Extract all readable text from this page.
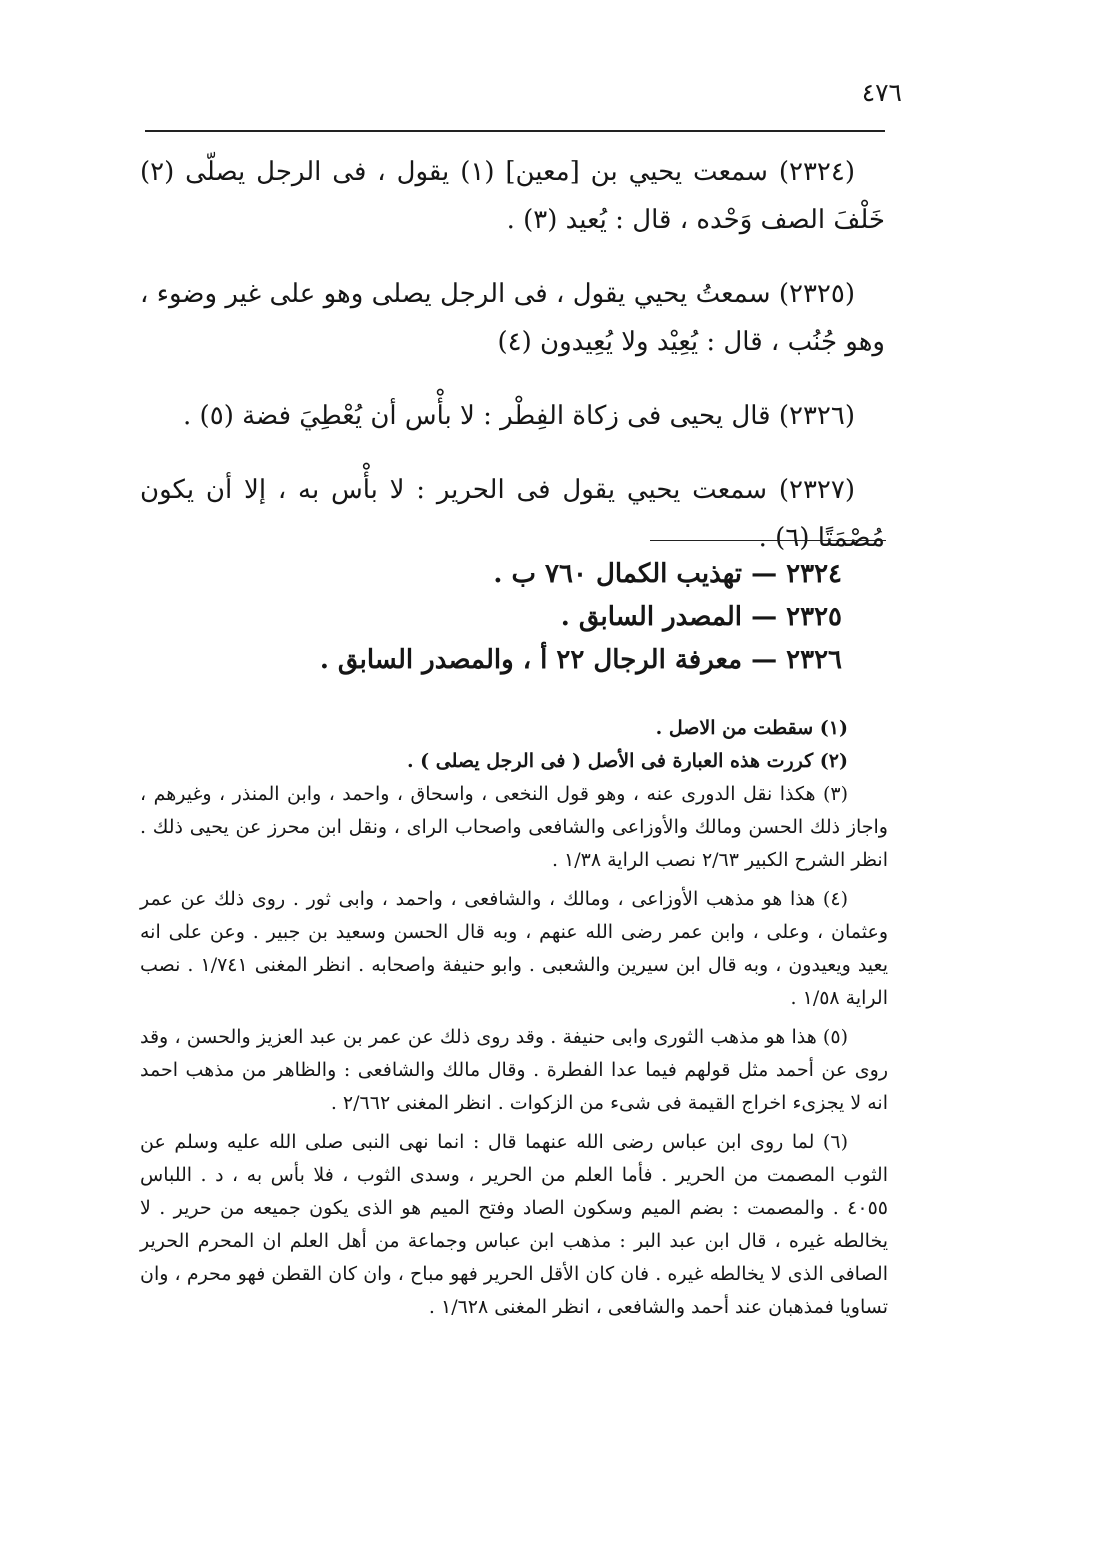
٤٧٦

(٢٣٢٤) سمعت يحيي بن [معين] (١) يقول ، فى الرجل يصلّى (٢) خَلْفَ الصف وَحْده ، قال : يُعيد (٣) .

(٢٣٢٥) سمعتُ يحيي يقول ، فى الرجل يصلى وهو على غير وضوء ، وهو جُنُب ، قال : يُعِيْد ولا يُعِيدون (٤)

(٢٣٢٦) قال يحيى فى زكاة الفِطْر : لا بأْس أن يُعْطِيَ فضة (٥) .

(٢٣٢٧) سمعت يحيي يقول فى الحرير : لا بأْس به ، إلا أن يكون مُصْمَتًا (٦) .

٢٣٢٤ — تهذيب الكمال ٧٦٠ ب .
٢٣٢٥ — المصدر السابق .
٢٣٢٦ — معرفة الرجال ٢٢ أ ، والمصدر السابق .

(١) سقطت من الاصل .

(٢) كررت هذه العبارة فى الأصل ( فى الرجل يصلى ) .

(٣) هكذا نقل الدورى عنه ، وهو قول النخعى ، واسحاق ، واحمد ، وابن المنذر ، وغيرهم ، واجاز ذلك الحسن ومالك والأوزاعى والشافعى واصحاب الراى ، ونقل ابن محرز عن يحيى ذلك . انظر الشرح الكبير ٢/٦٣ نصب الراية ١/٣٨ .

(٤) هذا هو مذهب الأوزاعى ، ومالك ، والشافعى ، واحمد ، وابى ثور . روى ذلك عن عمر وعثمان ، وعلى ، وابن عمر رضى الله عنهم ، وبه قال الحسن وسعيد بن جبير . وعن على انه يعيد ويعيدون ، وبه قال ابن سيرين والشعبى . وابو حنيفة واصحابه . انظر المغنى ١/٧٤١ . نصب الراية ١/٥٨ .

(٥) هذا هو مذهب الثورى وابى حنيفة . وقد روى ذلك عن عمر بن عبد العزيز والحسن ، وقد روى عن أحمد مثل قولهم فيما عدا الفطرة . وقال مالك والشافعى : والظاهر من مذهب احمد انه لا يجزىء اخراج القيمة فى شىء من الزكوات . انظر المغنى ٢/٦٦٢ .

(٦) لما روى ابن عباس رضى الله عنهما قال : انما نهى النبى صلى الله عليه وسلم عن الثوب المصمت من الحرير . فأما العلم من الحرير ، وسدى الثوب ، فلا بأس به ، د . اللباس ٤٠٥٥ . والمصمت : بضم الميم وسكون الصاد وفتح الميم هو الذى يكون جميعه من حرير . لا يخالطه غيره ، قال ابن عبد البر : مذهب ابن عباس وجماعة من أهل العلم ان المحرم الحرير الصافى الذى لا يخالطه غيره . فان كان الأقل الحرير فهو مباح ، وان كان القطن فهو محرم ، وان تساويا فمذهبان عند أحمد والشافعى ، انظر المغنى ١/٦٢٨ .
